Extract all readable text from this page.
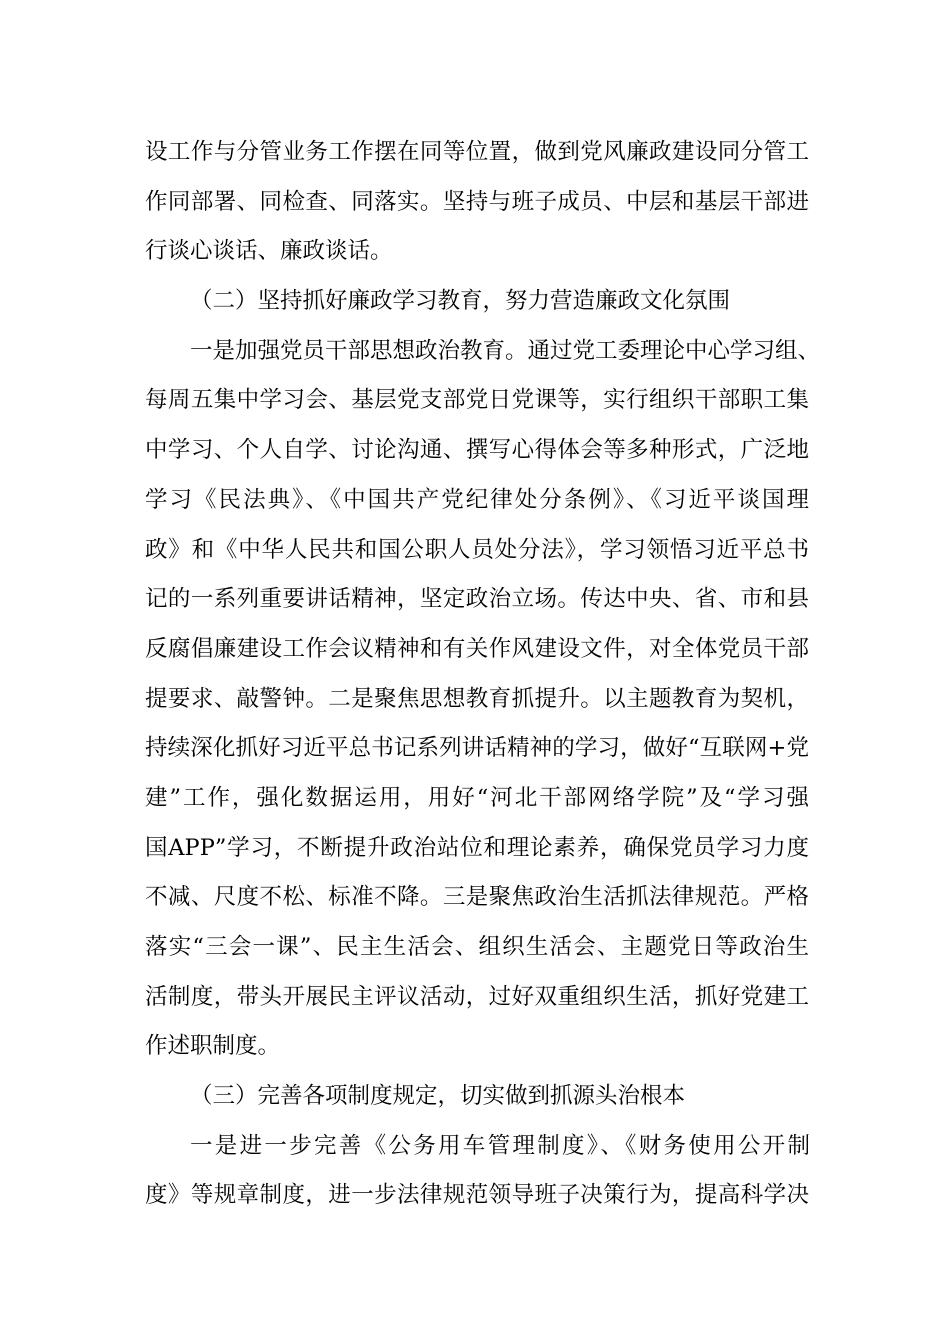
设工作与分管业务工作摆在同等位置，做到党风廉政建设同分管工
作同部署、同检查、同落实。坚持与班子成员、中层和基层干部进
行谈心谈话、廉政谈话。
（二）坚持抓好廉政学习教育，努力营造廉政文化氛围
一是加强党员干部思想政治教育。通过党工委理论中心学习组、
每周五集中学习会、基层党支部党日党课等，实行组织干部职工集
中学习、个人自学、讨论沟通、撰写心得体会等多种形式，广泛地
学习《民法典》、《中国共产党纪律处分条例》、《习近平谈国理
政》和《中华人民共和国公职人员处分法》，学习领悟习近平总书
记的一系列重要讲话精神，坚定政治立场。传达中央、省、市和县
反腐倡廉建设工作会议精神和有关作风建设文件，对全体党员干部
提要求、敲警钟。二是聚焦思想教育抓提升。以主题教育为契机，
持续深化抓好习近平总书记系列讲话精神的学习，做好“互联网+党
建”工作，强化数据运用，用好“河北干部网络学院”及“学习强
国APP”学习，不断提升政治站位和理论素养，确保党员学习力度
不减、尺度不松、标准不降。三是聚焦政治生活抓法律规范。严格
落实“三会一课”、民主生活会、组织生活会、主题党日等政治生
活制度，带头开展民主评议活动，过好双重组织生活，抓好党建工
作述职制度。
（三）完善各项制度规定，切实做到抓源头治根本
一是进一步完善《公务用车管理制度》、《财务使用公开制
度》等规章制度，进一步法律规范领导班子决策行为，提高科学决
